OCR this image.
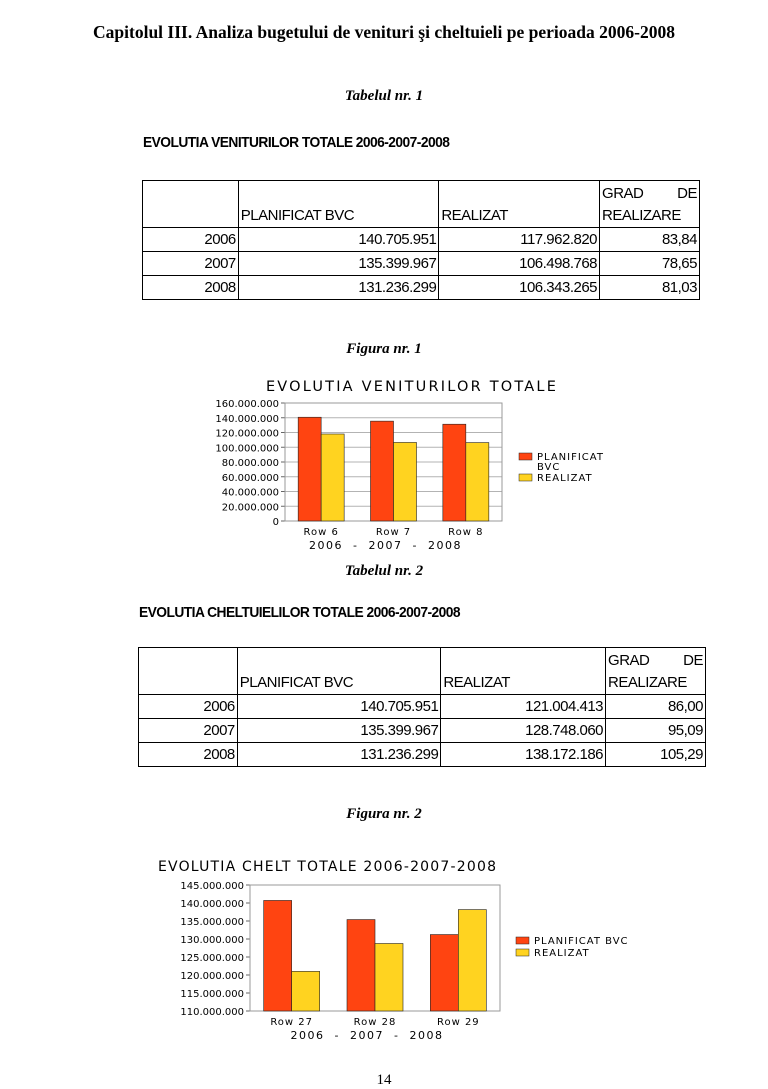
Capitolul III. Analiza bugetului de venituri şi cheltuieli pe perioada 2006-2008
Tabelul nr. 1
EVOLUTIA VENITURILOR TOTALE 2006-2007-2008
	PLANIFICAT BVC	REALIZAT	GRAD DE
REALIZARE

2006	140.705.951	117.962.820	83,84
2007	135.399.967	106.498.768	78,65
2008	131.236.299	106.343.265	81,03
Figura nr. 1
EVOLUTIA VENITURILOR TOTALE
0
20.000.000
40.000.000
60.000.000
80.000.000
100.000.000
120.000.000
140.000.000
160.000.000
Row 6	Row 7	Row 8
2006  -  2007  -  2008
PLANIFICAT
BVC
REALIZAT
Tabelul nr. 2
EVOLUTIA CHELTUIELILOR TOTALE 2006-2007-2008
	PLANIFICAT BVC	REALIZAT	GRAD DE
REALIZARE

2006	140.705.951	121.004.413	86,00
2007	135.399.967	128.748.060	95,09
2008	131.236.299	138.172.186	105,29
Figura nr. 2
EVOLUTIA CHELT TOTALE 2006-2007-2008
110.000.000
115.000.000
120.000.000
125.000.000
130.000.000
135.000.000
140.000.000
145.000.000
Row 27	Row 28	Row 29
2006  -  2007  -  2008
PLANIFICAT BVC
REALIZAT
14
